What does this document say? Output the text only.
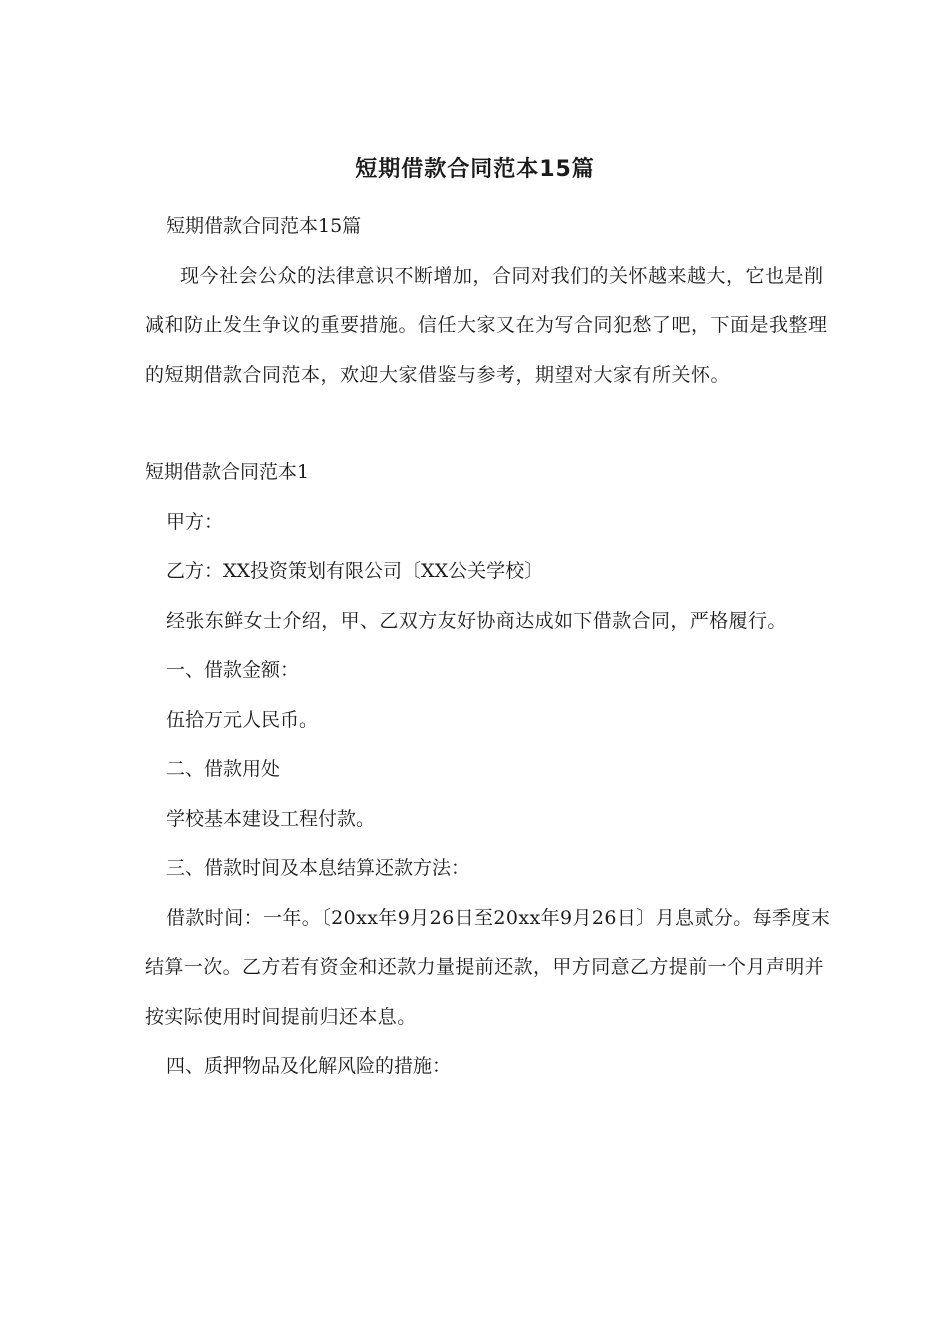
短期借款合同范本15篇

短期借款合同范本15篇

现今社会公众的法律意识不断增加，合同对我们的关怀越来越大，它也是削减和防止发生争议的重要措施。信任大家又在为写合同犯愁了吧，下面是我整理的短期借款合同范本，欢迎大家借鉴与参考，期望对大家有所关怀。

短期借款合同范本1

甲方：

乙方：XX投资策划有限公司〔XX公关学校〕

经张东鲜女士介绍，甲、乙双方友好协商达成如下借款合同，严格履行。

一、借款金额：

伍拾万元人民币。

二、借款用处

学校基本建设工程付款。

三、借款时间及本息结算还款方法：

借款时间：一年。〔20xx年9月26日至20xx年9月26日〕月息贰分。每季度末结算一次。乙方若有资金和还款力量提前还款，甲方同意乙方提前一个月声明并按实际使用时间提前归还本息。

四、质押物品及化解风险的措施：
